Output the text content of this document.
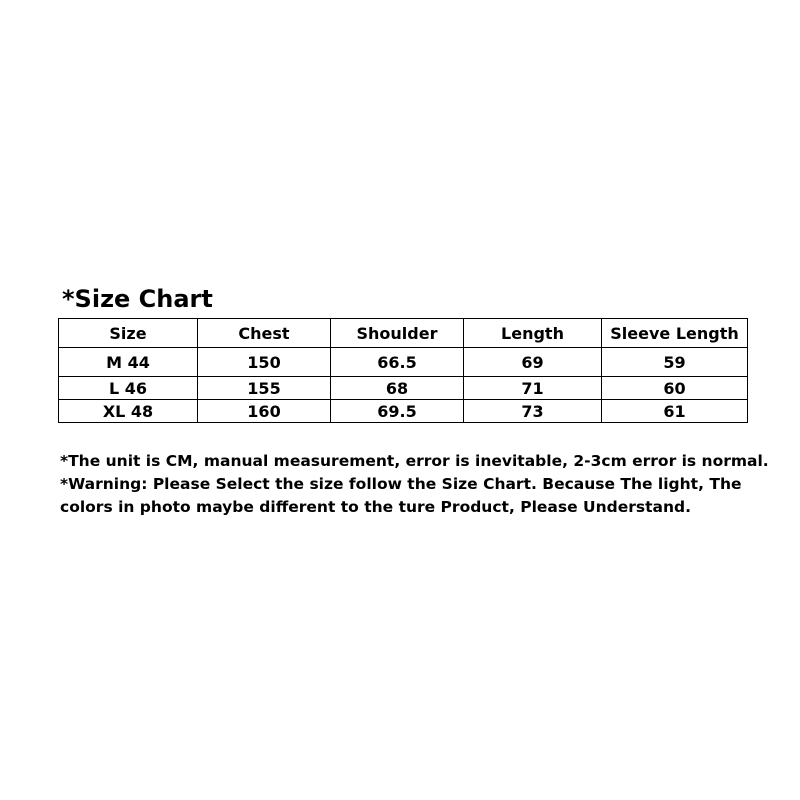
*Size Chart
Size	Chest	Shoulder	Length	Sleeve Length
M 44	150	66.5	69	59
L 46	155	68	71	60
XL 48	160	69.5	73	61

*The unit is CM, manual measurement, error is inevitable, 2-3cm error is normal.

*Warning: Please Select the size follow the Size Chart. Because The light, The

colors in photo maybe different to the ture Product, Please Understand.
